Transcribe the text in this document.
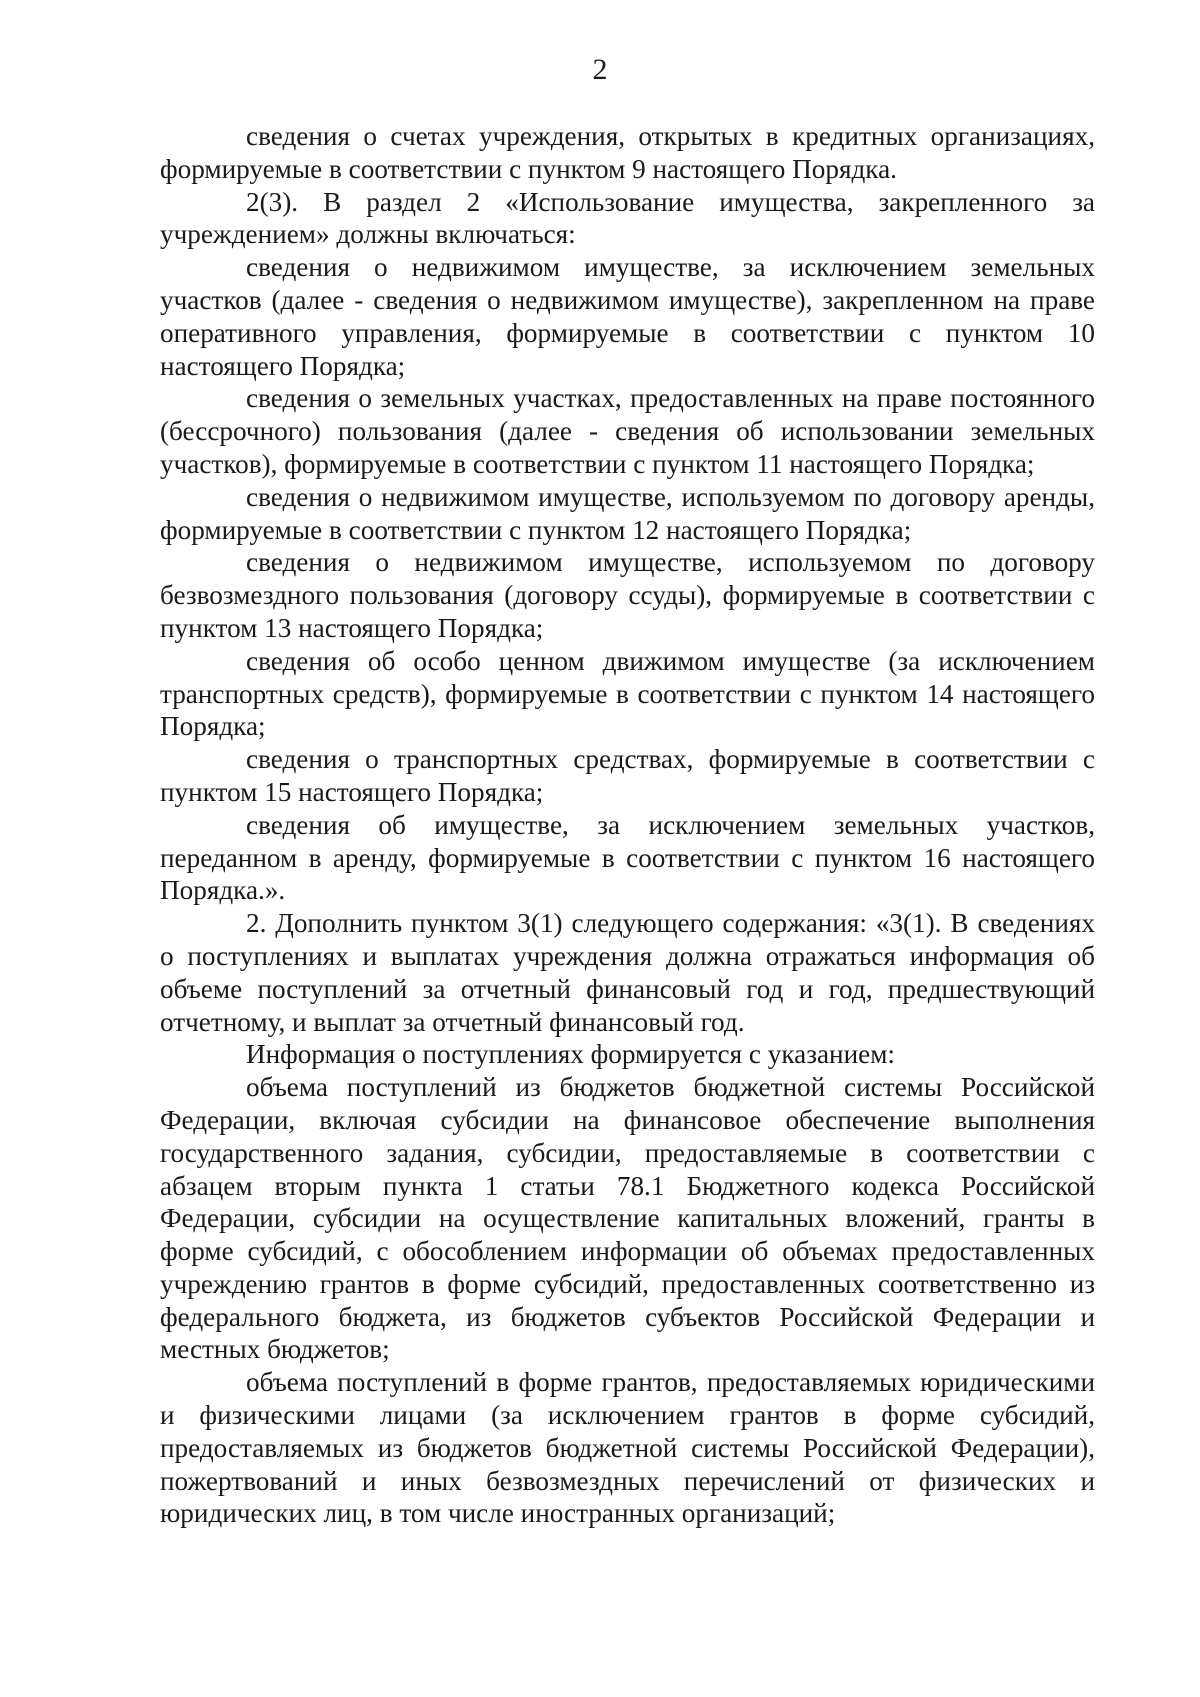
2

сведения о счетах учреждения, открытых в кредитных организациях, формируемые в соответствии с пунктом 9 настоящего Порядка.

2(3). В раздел 2 «Использование имущества, закрепленного за учреждением» должны включаться:

сведения о недвижимом имуществе, за исключением земельных участков (далее - сведения о недвижимом имуществе), закрепленном на праве оперативного управления, формируемые в соответствии с пунктом 10 настоящего Порядка;

сведения о земельных участках, предоставленных на праве постоянного (бессрочного) пользования (далее - сведения об использовании земельных участков), формируемые в соответствии с пунктом 11 настоящего Порядка;

сведения о недвижимом имуществе, используемом по договору аренды, формируемые в соответствии с пунктом 12 настоящего Порядка;

сведения о недвижимом имуществе, используемом по договору безвозмездного пользования (договору ссуды), формируемые в соответствии с пунктом 13 настоящего Порядка;

сведения об особо ценном движимом имуществе (за исключением транспортных средств), формируемые в соответствии с пунктом 14 настоящего Порядка;

сведения о транспортных средствах, формируемые в соответствии с пунктом 15 настоящего Порядка;

сведения об имуществе, за исключением земельных участков, переданном в аренду, формируемые в соответствии с пунктом 16 настоящего Порядка.».

2. Дополнить пунктом 3(1) следующего содержания: «3(1). В сведениях о поступлениях и выплатах учреждения должна отражаться информация об объеме поступлений за отчетный финансовый год и год, предшествующий отчетному, и выплат за отчетный финансовый год.

Информация о поступлениях формируется с указанием:

объема поступлений из бюджетов бюджетной системы Российской Федерации, включая субсидии на финансовое обеспечение выполнения государственного задания, субсидии, предоставляемые в соответствии с абзацем вторым пункта 1 статьи 78.1 Бюджетного кодекса Российской Федерации, субсидии на осуществление капитальных вложений, гранты в форме субсидий, с обособлением информации об объемах предоставленных учреждению грантов в форме субсидий, предоставленных соответственно из федерального бюджета, из бюджетов субъектов Российской Федерации и местных бюджетов;

объема поступлений в форме грантов, предоставляемых юридическими и физическими лицами (за исключением грантов в форме субсидий, предоставляемых из бюджетов бюджетной системы Российской Федерации), пожертвований и иных безвозмездных перечислений от физических и юридических лиц, в том числе иностранных организаций;
